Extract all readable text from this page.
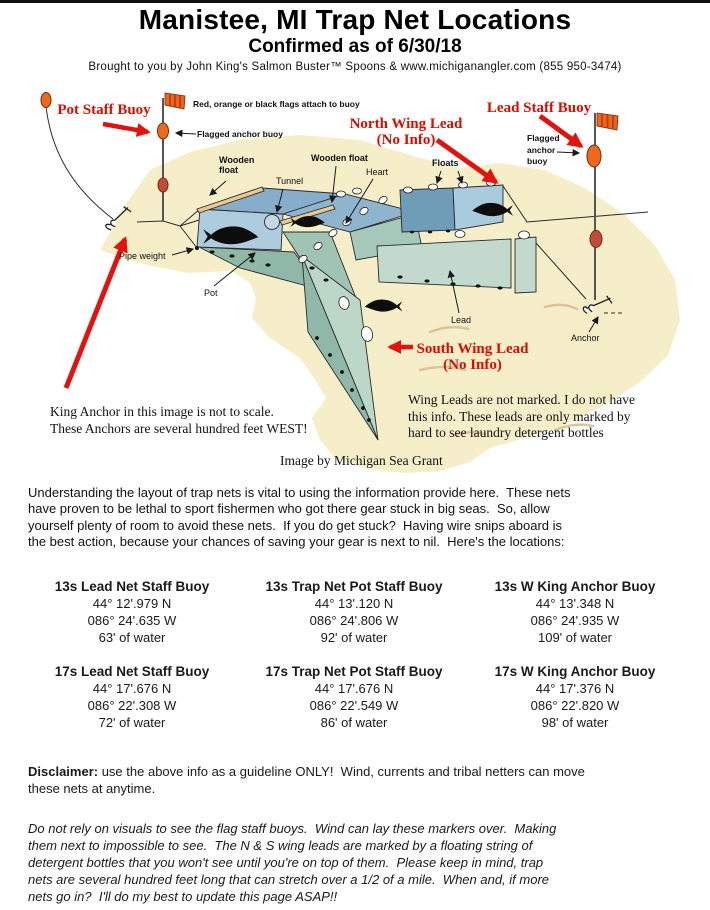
Manistee, MI Trap Net Locations
Confirmed as of 6/30/18
Brought to you by John King's Salmon Buster™ Spoons & www.michiganangler.com (855 950-3474)
Pot Staff Buoy
North Wing Lead
(No Info)
Lead Staff Buoy
South Wing Lead
(No Info)
Red, orange or black flags attach to buoy
Flagged anchor buoy
Wooden
float
Tunnel
Wooden float
Heart
Floats
Flagged
anchor
buoy
Pipe weight
Pot
Lead
Anchor
King Anchor in this image is not to scale.
These Anchors are several hundred feet WEST!
Wing Leads are not marked. I do not have
this info. These leads are only marked by
hard to see laundry detergent bottles
Image by Michigan Sea Grant
Understanding the layout of trap nets is vital to using the information provide here.  These nets
have proven to be lethal to sport fishermen who got there gear stuck in big seas.  So, allow
yourself plenty of room to avoid these nets.  If you do get stuck?  Having wire snips aboard is
the best action, because your chances of saving your gear is next to nil.  Here's the locations:
13s Lead Net Staff Buoy
44° 12'.979 N
086° 24'.635 W
63' of water
13s Trap Net Pot Staff Buoy
44° 13'.120 N
086° 24'.806 W
92' of water
13s W King Anchor Buoy
44° 13'.348 N
086° 24'.935 W
109' of water
17s Lead Net Staff Buoy
44° 17'.676 N
086° 22'.308 W
72' of water
17s Trap Net Pot Staff Buoy
44° 17'.676 N
086° 22'.549 W
86' of water
17s W King Anchor Buoy
44° 17'.376 N
086° 22'.820 W
98' of water
Disclaimer: use the above info as a guideline ONLY!  Wind, currents and tribal netters can move
these nets at anytime.
Do not rely on visuals to see the flag staff buoys.  Wind can lay these markers over.  Making
them next to impossible to see.  The N & S wing leads are marked by a floating string of
detergent bottles that you won't see until you're on top of them.  Please keep in mind, trap
nets are several hundred feet long that can stretch over a 1/2 of a mile.  When and, if more
nets go in?  I'll do my best to update this page ASAP!!
